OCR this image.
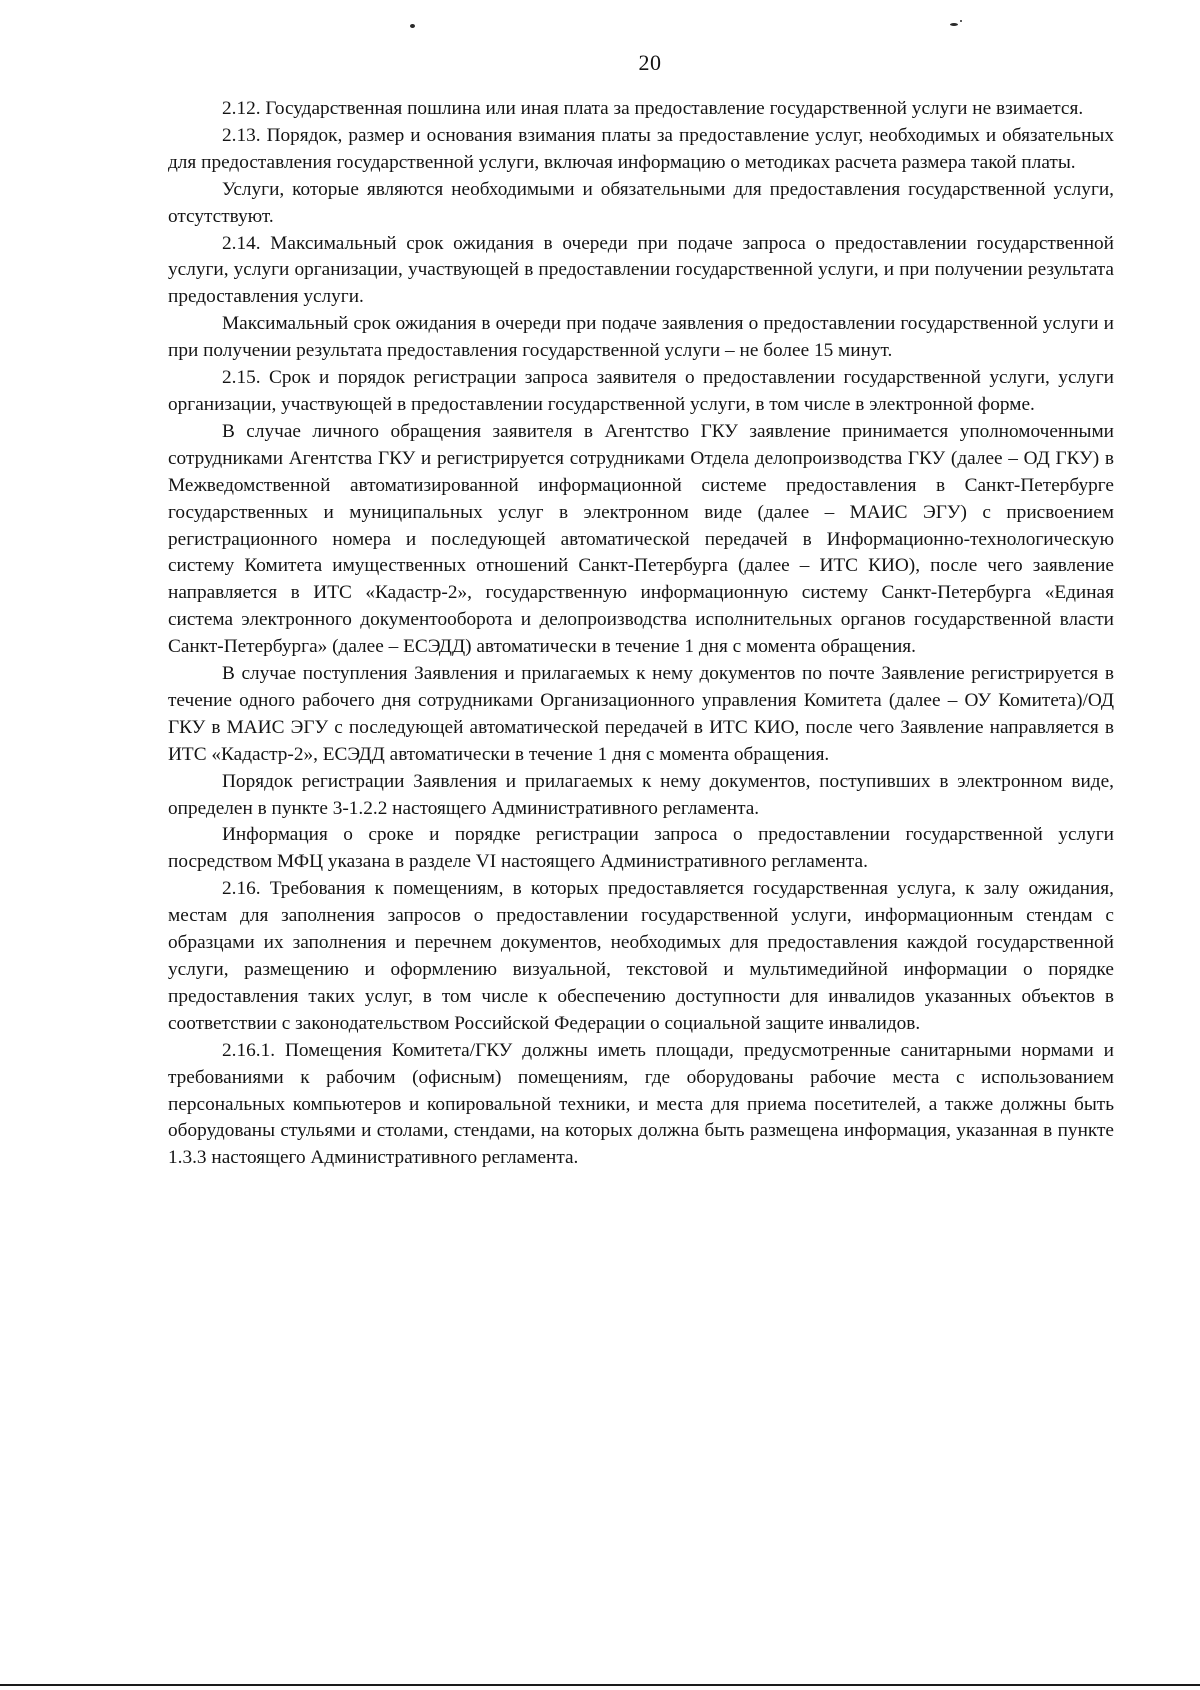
20

2.12. Государственная пошлина или иная плата за предоставление государственной услуги не взимается.

2.13. Порядок, размер и основания взимания платы за предоставление услуг, необходимых и обязательных для предоставления государственной услуги, включая информацию о методиках расчета размера такой платы.

Услуги, которые являются необходимыми и обязательными для предоставления государственной услуги, отсутствуют.

2.14. Максимальный срок ожидания в очереди при подаче запроса о предоставлении государственной услуги, услуги организации, участвующей в предоставлении государственной услуги, и при получении результата предоставления услуги.

Максимальный срок ожидания в очереди при подаче заявления о предоставлении государственной услуги и при получении результата предоставления государственной услуги – не более 15 минут.

2.15. Срок и порядок регистрации запроса заявителя о предоставлении государственной услуги, услуги организации, участвующей в предоставлении государственной услуги, в том числе в электронной форме.

В случае личного обращения заявителя в Агентство ГКУ заявление принимается уполномоченными сотрудниками Агентства ГКУ и регистрируется сотрудниками Отдела делопроизводства ГКУ (далее – ОД ГКУ) в Межведомственной автоматизированной информационной системе предоставления в Санкт-Петербурге государственных и муниципальных услуг в электронном виде (далее – МАИС ЭГУ) с присвоением регистрационного номера и последующей автоматической передачей в Информационно-технологическую систему Комитета имущественных отношений Санкт-Петербурга (далее – ИТС КИО), после чего заявление направляется в ИТС «Кадастр-2», государственную информационную систему Санкт-Петербурга «Единая система электронного документооборота и делопроизводства исполнительных органов государственной власти Санкт-Петербурга» (далее – ЕСЭДД) автоматически в течение 1 дня с момента обращения.

В случае поступления Заявления и прилагаемых к нему документов по почте Заявление регистрируется в течение одного рабочего дня сотрудниками Организационного управления Комитета (далее – ОУ Комитета)/ОД ГКУ в МАИС ЭГУ с последующей автоматической передачей в ИТС КИО, после чего Заявление направляется в ИТС «Кадастр-2», ЕСЭДД автоматически в течение 1 дня с момента обращения.

Порядок регистрации Заявления и прилагаемых к нему документов, поступивших в электронном виде, определен в пункте 3-1.2.2 настоящего Административного регламента.

Информация о сроке и порядке регистрации запроса о предоставлении государственной услуги посредством МФЦ указана в разделе VI настоящего Административного регламента.

2.16. Требования к помещениям, в которых предоставляется государственная услуга, к залу ожидания, местам для заполнения запросов о предоставлении государственной услуги, информационным стендам с образцами их заполнения и перечнем документов, необходимых для предоставления каждой государственной услуги, размещению и оформлению визуальной, текстовой и мультимедийной информации о порядке предоставления таких услуг, в том числе к обеспечению доступности для инвалидов указанных объектов в соответствии с законодательством Российской Федерации о социальной защите инвалидов.

2.16.1. Помещения Комитета/ГКУ должны иметь площади, предусмотренные санитарными нормами и требованиями к рабочим (офисным) помещениям, где оборудованы рабочие места с использованием персональных компьютеров и копировальной техники, и места для приема посетителей, а также должны быть оборудованы стульями и столами, стендами, на которых должна быть размещена информация, указанная в пункте 1.3.3 настоящего Административного регламента.
